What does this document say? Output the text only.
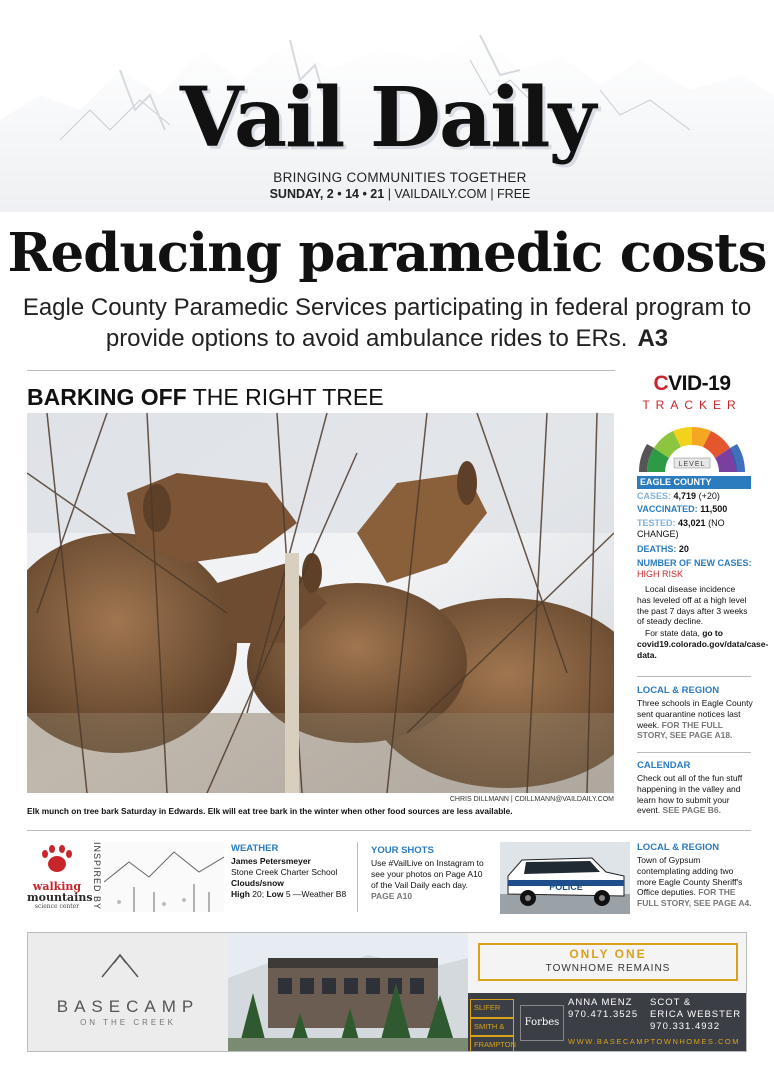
Vail Daily
BRINGING COMMUNITIES TOGETHER
SUNDAY, 2 • 14 • 21 | VAILDAILY.COM | FREE
Reducing paramedic costs
Eagle County Paramedic Services participating in federal program to provide options to avoid ambulance rides to ERs. A3
BARKING OFF THE RIGHT TREE
CHRIS DILLMANN | CDILLMANN@VAILDAILY.COM
Elk munch on tree bark Saturday in Edwards. Elk will eat tree bark in the winter when other food sources are less available.
CVID-19
TRACKER
LEVEL
EAGLE COUNTY
CASES: 4,719 (+20)
VACCINATED: 11,500
TESTED: 43,021 (NO CHANGE)
DEATHS: 20
NUMBER OF NEW CASES:
HIGH RISK
Local disease incidence has leveled off at a high level the past 7 days after 3 weeks of steady decline.
For state data, go to covid19.colorado.gov/data/case-data.
LOCAL & REGION
Three schools in Eagle County sent quarantine notices last week. FOR THE FULL STORY, SEE PAGE A18.
CALENDAR
Check out all of the fun stuff happening in the valley and learn how to submit your event. SEE PAGE B6.
walking
mountains
science center	INSPIRED BY	WEATHER
James Petersmeyer
Stone Creek Charter School
Clouds/snow
High 20; Low 5 —Weather B8
YOUR SHOTS
Use #VailLive on Instagram to see your photos on Page A10 of the Vail Daily each day. PAGE A10
POLICE
LOCAL & REGION
Town of Gypsum contemplating adding two more Eagle County Sheriff's Office deputies. FOR THE FULL STORY, SEE PAGE A4.
BASECAMP
ON THE CREEK
ONLY ONE
TOWNHOME REMAINS
SLIFER
SMITH &
FRAMPTON
Forbes
ANNA MENZ
970.471.3525
SCOT &
ERICA WEBSTER
970.331.4932
WWW.BASECAMPTOWNHOMES.COM
